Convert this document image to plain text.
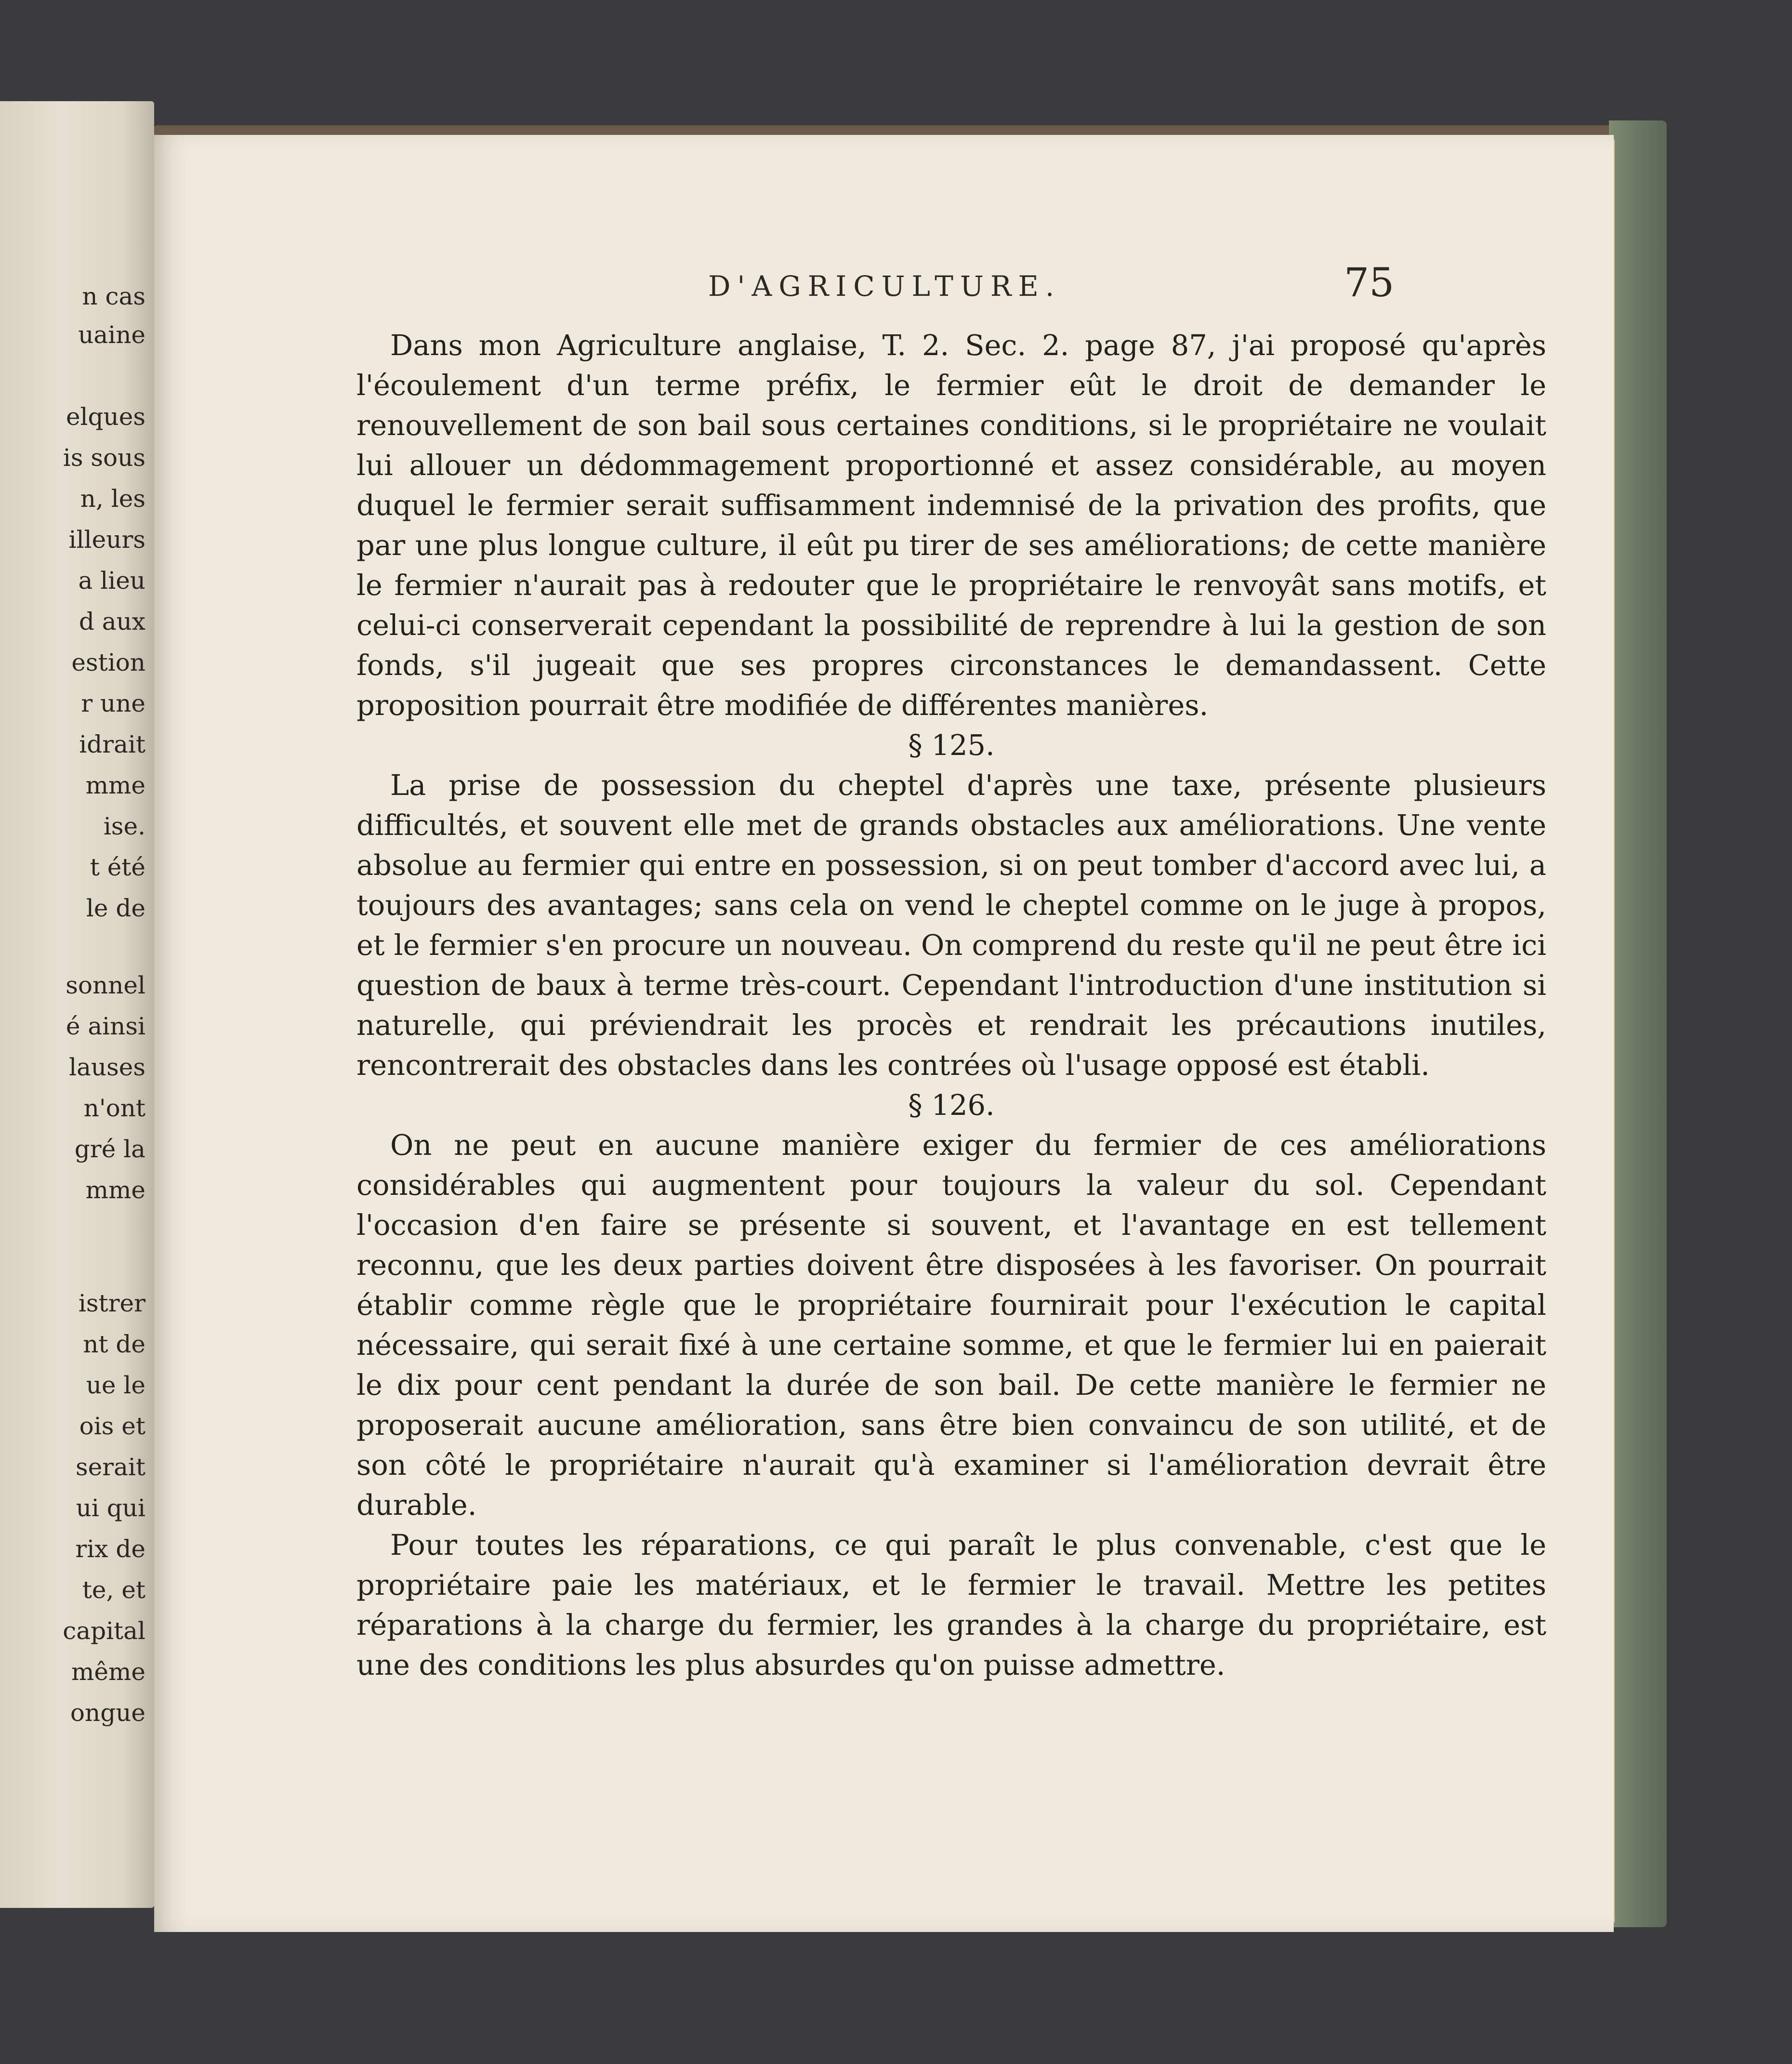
n cas
uaine
elques
is sous
n, les
illeurs
a lieu
d aux
estion
r une
idrait
mme
ise.
t été
le de
sonnel
é ainsi
lauses
n'ont
gré la
mme
istrer
nt de
ue le
ois et
serait
ui qui
rix de
te, et
capital
même
ongue
D'AGRICULTURE.	75

Dans mon Agriculture anglaise, T. 2. Sec. 2. page 87, j'ai proposé qu'après l'écoulement d'un terme préfix, le fermier eût le droit de demander le renouvellement de son bail sous certaines conditions, si le propriétaire ne voulait lui allouer un dédommagement proportionné et assez considérable, au moyen duquel le fermier serait suffisamment indemnisé de la privation des profits, que par une plus longue culture, il eût pu tirer de ses améliorations; de cette manière le fermier n'aurait pas à redouter que le propriétaire le renvoyât sans motifs, et celui-ci conserverait cependant la possibilité de reprendre à lui la gestion de son fonds, s'il jugeait que ses propres circonstances le demandassent. Cette proposition pourrait être modifiée de différentes manières.

§ 125.

La prise de possession du cheptel d'après une taxe, présente plusieurs difficultés, et souvent elle met de grands obstacles aux améliorations. Une vente absolue au fermier qui entre en possession, si on peut tomber d'accord avec lui, a toujours des avantages; sans cela on vend le cheptel comme on le juge à propos, et le fermier s'en procure un nouveau. On comprend du reste qu'il ne peut être ici question de baux à terme très-court. Cependant l'introduction d'une institution si naturelle, qui préviendrait les procès et rendrait les précautions inutiles, rencontrerait des obstacles dans les contrées où l'usage opposé est établi.

§ 126.

On ne peut en aucune manière exiger du fermier de ces améliorations considérables qui augmentent pour toujours la valeur du sol. Cependant l'occasion d'en faire se présente si souvent, et l'avantage en est tellement reconnu, que les deux parties doivent être disposées à les favoriser. On pourrait établir comme règle que le propriétaire fournirait pour l'exécution le capital nécessaire, qui serait fixé à une certaine somme, et que le fermier lui en paierait le dix pour cent pendant la durée de son bail. De cette manière le fermier ne proposerait aucune amélioration, sans être bien convaincu de son utilité, et de son côté le propriétaire n'aurait qu'à examiner si l'amélioration devrait être durable.

Pour toutes les réparations, ce qui paraît le plus convenable, c'est que le propriétaire paie les matériaux, et le fermier le travail. Mettre les petites réparations à la charge du fermier, les grandes à la charge du propriétaire, est une des conditions les plus absurdes qu'on puisse admettre.
